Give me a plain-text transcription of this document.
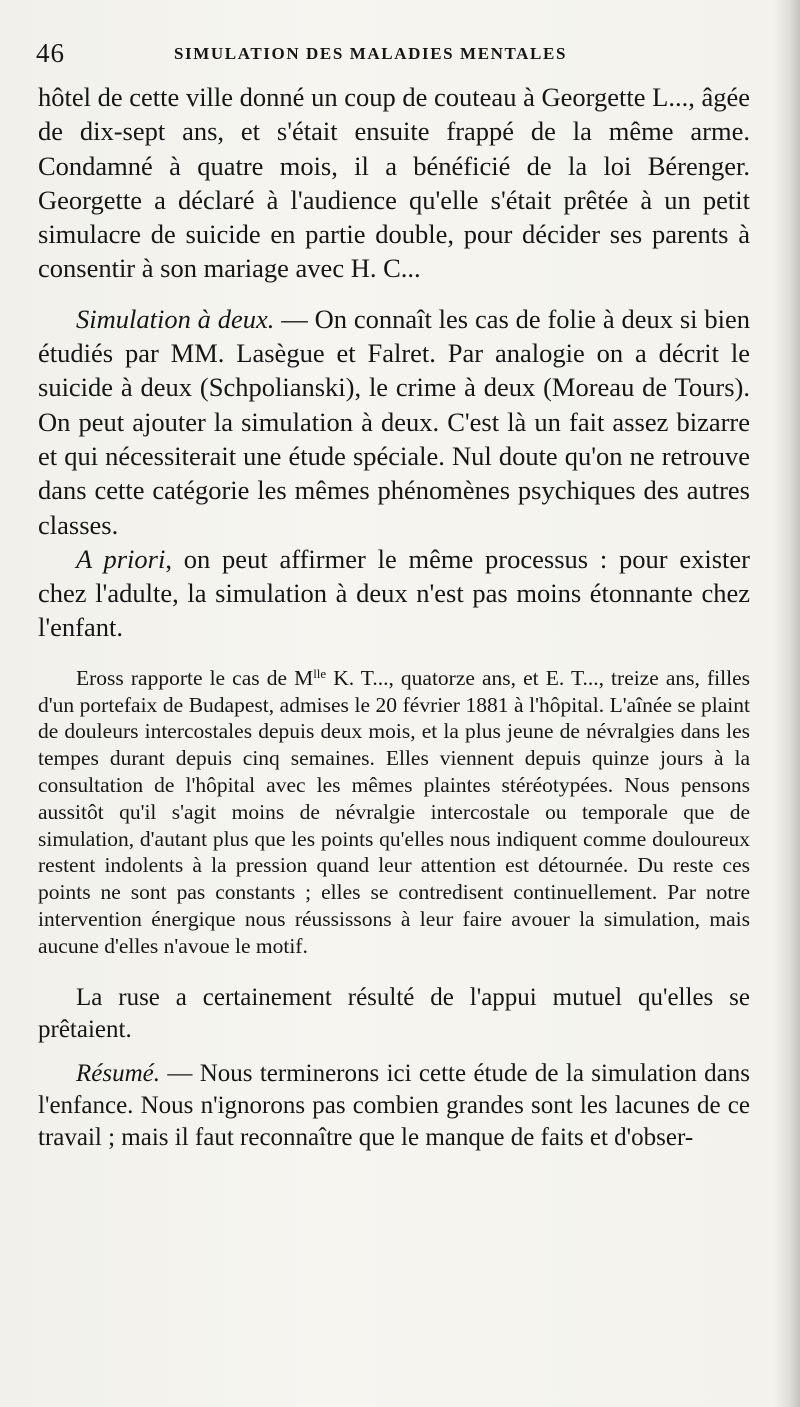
46	SIMULATION DES MALADIES MENTALES

hôtel de cette ville donné un coup de couteau à Georgette L..., âgée de dix-sept ans, et s'était ensuite frappé de la même arme. Condamné à quatre mois, il a bénéficié de la loi Bérenger. Georgette a déclaré à l'audience qu'elle s'était prêtée à un petit simulacre de suicide en partie double, pour décider ses parents à consentir à son mariage avec H. C...

Simulation à deux. — On connaît les cas de folie à deux si bien étudiés par MM. Lasègue et Falret. Par analogie on a décrit le suicide à deux (Schpolianski), le crime à deux (Moreau de Tours). On peut ajouter la simulation à deux. C'est là un fait assez bizarre et qui nécessiterait une étude spéciale. Nul doute qu'on ne retrouve dans cette catégorie les mêmes phénomènes psychiques des autres classes.

A priori, on peut affirmer le même processus : pour exister chez l'adulte, la simulation à deux n'est pas moins étonnante chez l'enfant.

Eross rapporte le cas de $M^{lle}$ K. T..., quatorze ans, et E. T..., treize ans, filles d'un portefaix de Budapest, admises le 20 février 1881 à l'hôpital. L'aînée se plaint de douleurs intercostales depuis deux mois, et la plus jeune de névralgies dans les tempes durant depuis cinq semaines. Elles viennent depuis quinze jours à la consultation de l'hôpital avec les mêmes plaintes stéréotypées. Nous pensons aussitôt qu'il s'agit moins de névralgie intercostale ou temporale que de simulation, d'autant plus que les points qu'elles nous indiquent comme douloureux restent indolents à la pression quand leur attention est détournée. Du reste ces points ne sont pas constants ; elles se contredisent continuellement. Par notre intervention énergique nous réussissons à leur faire avouer la simulation, mais aucune d'elles n'avoue le motif.

La ruse a certainement résulté de l'appui mutuel qu'elles se prêtaient.

Résumé. — Nous terminerons ici cette étude de la simulation dans l'enfance. Nous n'ignorons pas combien grandes sont les lacunes de ce travail ; mais il faut reconnaître que le manque de faits et d'obser-
